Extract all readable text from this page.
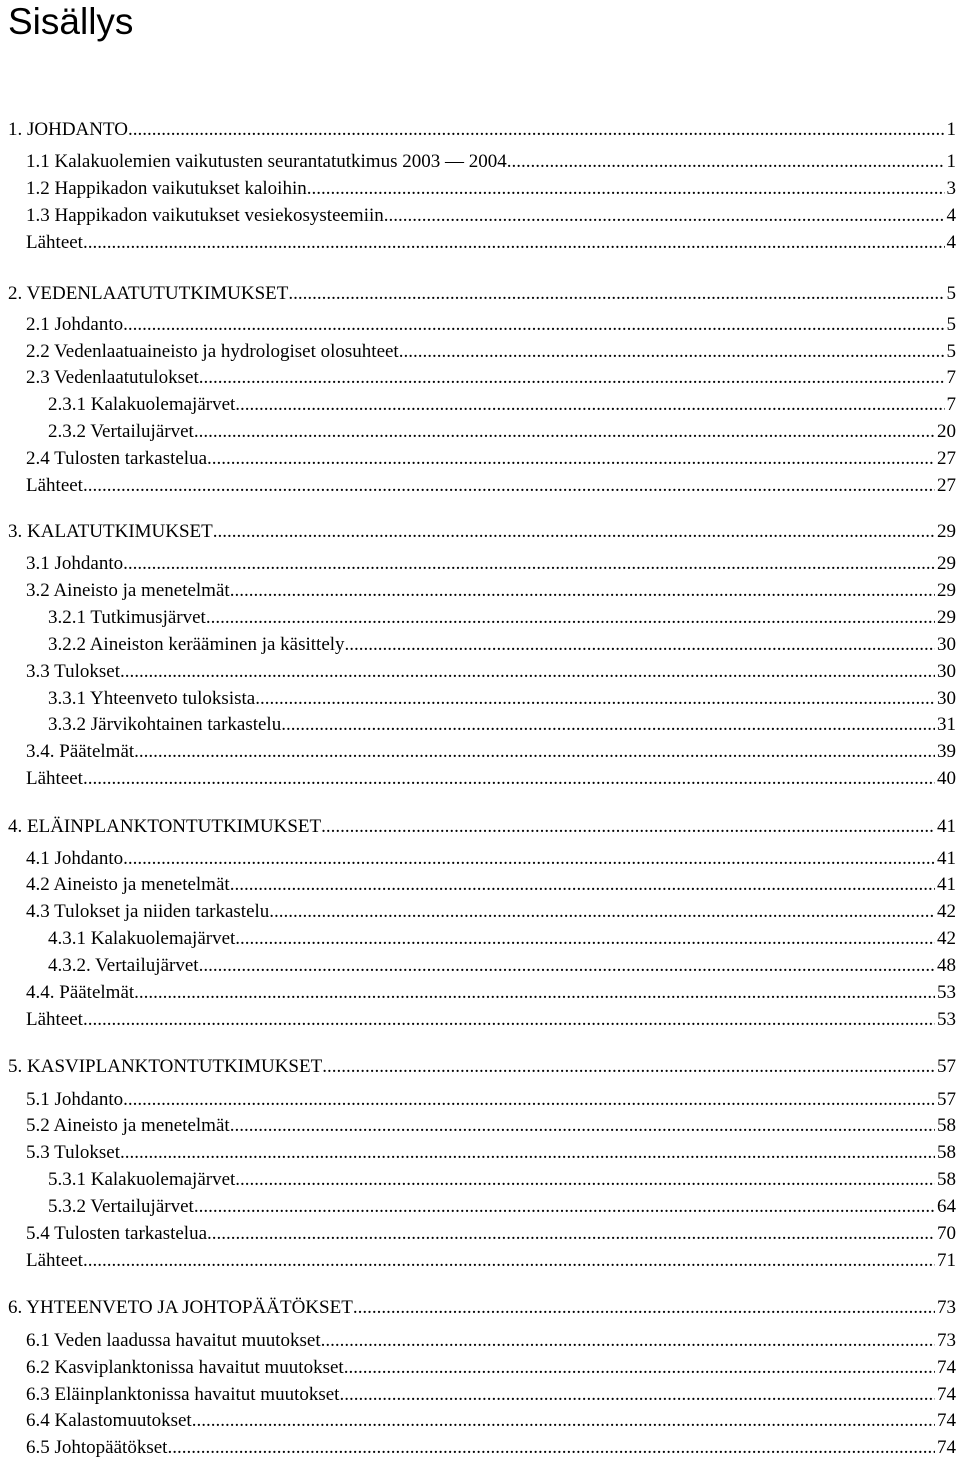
Sisällys
1. JOHDANTO .....	1
1.1 Kalakuolemien vaikutusten seurantatutkimus 2003 — 2004 .....	1
1.2 Happikadon vaikutukset kaloihin .....	3
1.3 Happikadon vaikutukset vesiekosysteemiin .....	4
Lähteet .....	4
2. VEDENLAATUTUTKIMUKSET .....	5
2.1 Johdanto .....	5
2.2 Vedenlaatuaineisto ja hydrologiset olosuhteet .....	5
2.3 Vedenlaatutulokset .....	7
2.3.1 Kalakuolemajärvet .....	7
2.3.2 Vertailujärvet .....	20
2.4 Tulosten tarkastelua .....	27
Lähteet .....	27
3. KALATUTKIMUKSET .....	29
3.1 Johdanto .....	29
3.2 Aineisto ja menetelmät .....	29
3.2.1 Tutkimusjärvet .....	29
3.2.2 Aineiston kerääminen ja käsittely .....	30
3.3 Tulokset .....	30
3.3.1 Yhteenveto tuloksista .....	30
3.3.2 Järvikohtainen tarkastelu .....	31
3.4. Päätelmät .....	39
Lähteet .....	40
4. ELÄINPLANKTONTUTKIMUKSET .....	41
4.1 Johdanto .....	41
4.2 Aineisto ja menetelmät .....	41
4.3 Tulokset ja niiden tarkastelu .....	42
4.3.1 Kalakuolemajärvet .....	42
4.3.2. Vertailujärvet .....	48
4.4. Päätelmät .....	53
Lähteet .....	53
5. KASVIPLANKTONTUTKIMUKSET .....	57
5.1 Johdanto .....	57
5.2 Aineisto ja menetelmät .....	58
5.3 Tulokset .....	58
5.3.1 Kalakuolemajärvet .....	58
5.3.2 Vertailujärvet .....	64
5.4 Tulosten tarkastelua .....	70
Lähteet .....	71
6. YHTEENVETO JA JOHTOPÄÄTÖKSET .....	73
6.1 Veden laadussa havaitut muutokset .....	73
6.2 Kasviplanktonissa havaitut muutokset .....	74
6.3 Eläinplanktonissa havaitut muutokset .....	74
6.4 Kalastomuutokset .....	74
6.5 Johtopäätökset .....	74
